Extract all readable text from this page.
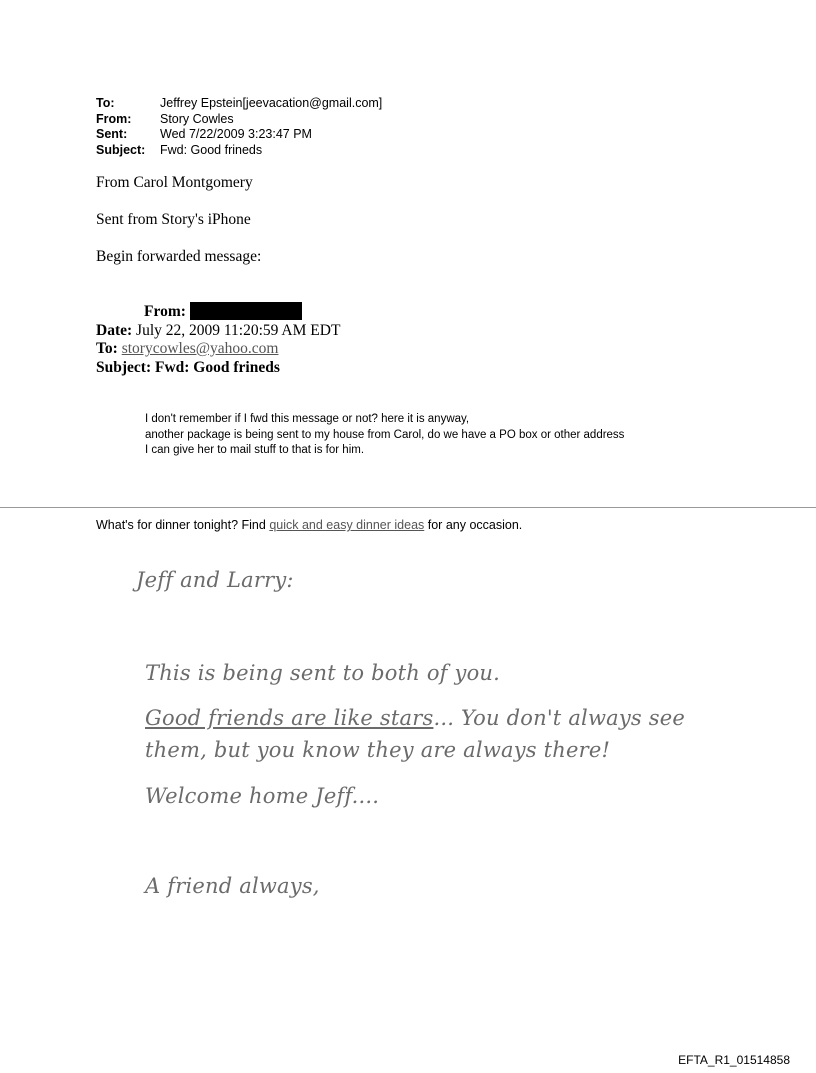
To:	Jeffrey Epstein[jeevacation@gmail.com]
From:	Story Cowles
Sent:	Wed 7/22/2009 3:23:47 PM
Subject:	Fwd: Good frineds
From Carol Montgomery
Sent from Story's iPhone
Begin forwarded message:
From:
Date: July 22, 2009 11:20:59 AM EDT
To: storycowles@yahoo.com
Subject: Fwd: Good frineds
I don't remember if I fwd this message or not? here it is anyway,
another package is being sent to my house from Carol, do we have a PO box or other address
I can give her to mail stuff to that is for him.
What's for dinner tonight? Find quick and easy dinner ideas for any occasion.
Jeff and Larry:
This is being sent to both of you.
Good friends are like stars... You don't always see
them, but you know they are always there!
Welcome home Jeff....
A friend always,
EFTA_R1_01514858
